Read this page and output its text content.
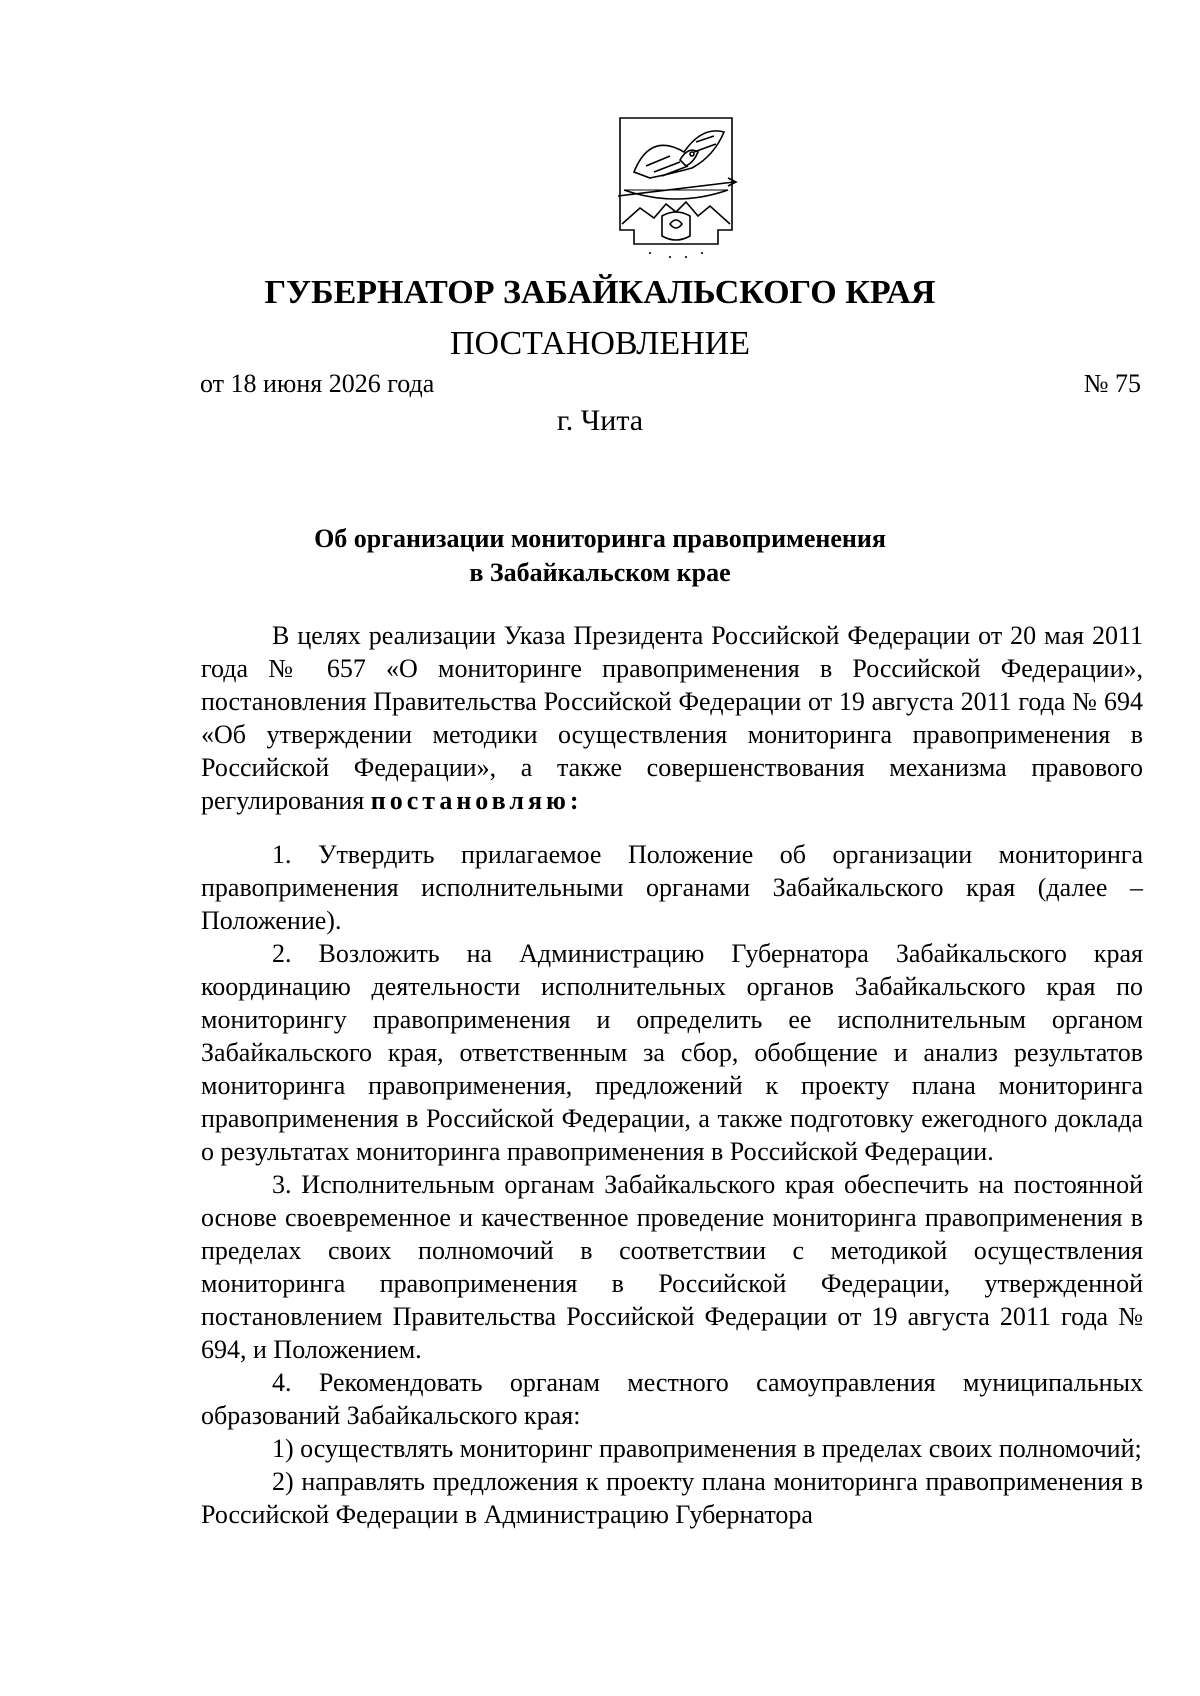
ГУБЕРНАТОР ЗАБАЙКАЛЬСКОГО КРАЯ
ПОСТАНОВЛЕНИЕ
от 18 июня 2026 года	№ 75
г. Чита
Об организации мониторинга правоприменения
в Забайкальском крае

В целях реализации Указа Президента Российской Федерации от 20 мая 2011 года № 657 «О мониторинге правоприменения в Российской Федерации», постановления Правительства Российской Федерации от 19 августа 2011 года № 694 «Об утверждении методики осуществления мониторинга правоприменения в Российской Федерации», а также совершенствования механизма правового регулирования постановляю:

1. Утвердить прилагаемое Положение об организации мониторинга правоприменения исполнительными органами Забайкальского края (далее – Положение).

2. Возложить на Администрацию Губернатора Забайкальского края координацию деятельности исполнительных органов Забайкальского края по мониторингу правоприменения и определить ее исполнительным органом Забайкальского края, ответственным за сбор, обобщение и анализ результатов мониторинга правоприменения, предложений к проекту плана мониторинга правоприменения в Российской Федерации, а также подготовку ежегодного доклада о результатах мониторинга правоприменения в Российской Федерации.

3. Исполнительным органам Забайкальского края обеспечить на постоянной основе своевременное и качественное проведение мониторинга правоприменения в пределах своих полномочий в соответствии с методикой осуществления мониторинга правоприменения в Российской Федерации, утвержденной постановлением Правительства Российской Федерации от 19 августа 2011 года № 694, и Положением.

4. Рекомендовать органам местного самоуправления муниципальных образований Забайкальского края:

1) осуществлять мониторинг правоприменения в пределах своих полномочий;

2) направлять предложения к проекту плана мониторинга правоприменения в Российской Федерации в Администрацию Губернатора
